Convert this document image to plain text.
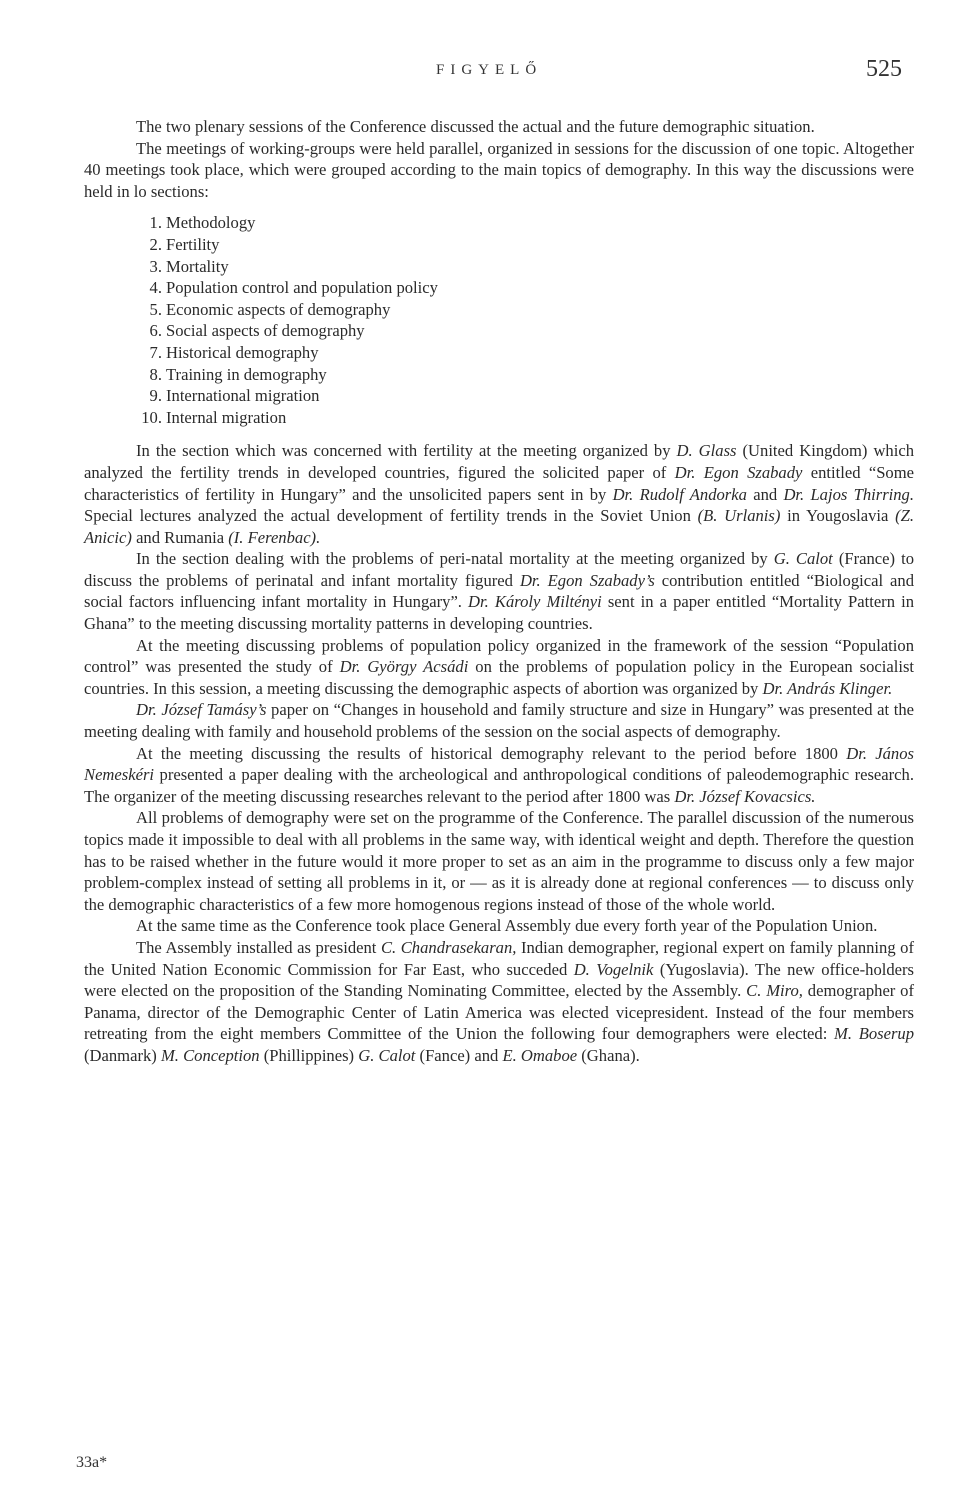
FIGYELŐ	525

The two plenary sessions of the Conference discussed the actual and the future demographic situation.

The meetings of working-groups were held parallel, organized in sessions for the discussion of one topic. Altogether 40 meetings took place, which were grouped according to the main topics of demography. In this way the discussions were held in lo sections:

1. Methodology
2. Fertility
3. Mortality
4. Population control and population policy
5. Economic aspects of demography
6. Social aspects of demography
7. Historical demography
8. Training in demography
9. International migration
10. Internal migration

In the section which was concerned with fertility at the meeting organized by D. Glass (United Kingdom) which analyzed the fertility trends in developed countries, figured the solicited paper of Dr. Egon Szabady entitled “Some characteristics of fertility in Hungary” and the unsolicited papers sent in by Dr. Rudolf Andorka and Dr. Lajos Thirring. Special lectures analyzed the actual development of fertility trends in the Soviet Union (B. Urlanis) in Yougoslavia (Z. Anicic) and Rumania (I. Ferenbac).

In the section dealing with the problems of peri-natal mortality at the meeting organized by G. Calot (France) to discuss the problems of perinatal and infant mortality figured Dr. Egon Szabady’s contribution entitled “Biological and social factors influencing infant mortality in Hungary”. Dr. Károly Miltényi sent in a paper entitled “Mortality Pattern in Ghana” to the meeting discussing mortality patterns in developing countries.

At the meeting discussing problems of population policy organized in the framework of the session “Population control” was presented the study of Dr. György Acsádi on the problems of population policy in the European socialist countries. In this session, a meeting discussing the demographic aspects of abortion was organized by Dr. András Klinger.

Dr. József Tamásy’s paper on “Changes in household and family structure and size in Hungary” was presented at the meeting dealing with family and household problems of the session on the social aspects of demography.

At the meeting discussing the results of historical demography relevant to the period before 1800 Dr. János Nemeskéri presented a paper dealing with the archeological and anthropological conditions of paleodemographic research. The organizer of the meeting discussing researches relevant to the period after 1800 was Dr. József Kovacsics.

All problems of demography were set on the programme of the Conference. The parallel discussion of the numerous topics made it impossible to deal with all problems in the same way, with identical weight and depth. Therefore the question has to be raised whether in the future would it more proper to set as an aim in the programme to discuss only a few major problem-complex instead of setting all problems in it, or — as it is already done at regional conferences — to discuss only the demographic characteristics of a few more homogenous regions instead of those of the whole world.

At the same time as the Conference took place General Assembly due every forth year of the Population Union.

The Assembly installed as president C. Chandrasekaran, Indian demographer, regional expert on family planning of the United Nation Economic Commission for Far East, who succeded D. Vogelnik (Yugoslavia). The new office-holders were elected on the proposition of the Standing Nominating Committee, elected by the Assembly. C. Miro, demographer of Panama, director of the Demographic Center of Latin America was elected vicepresident. Instead of the four members retreating from the eight members Committee of the Union the following four demographers were elected: M. Boserup (Danmark) M. Conception (Phillippines) G. Calot (Fance) and E. Omaboe (Ghana).

33a*
